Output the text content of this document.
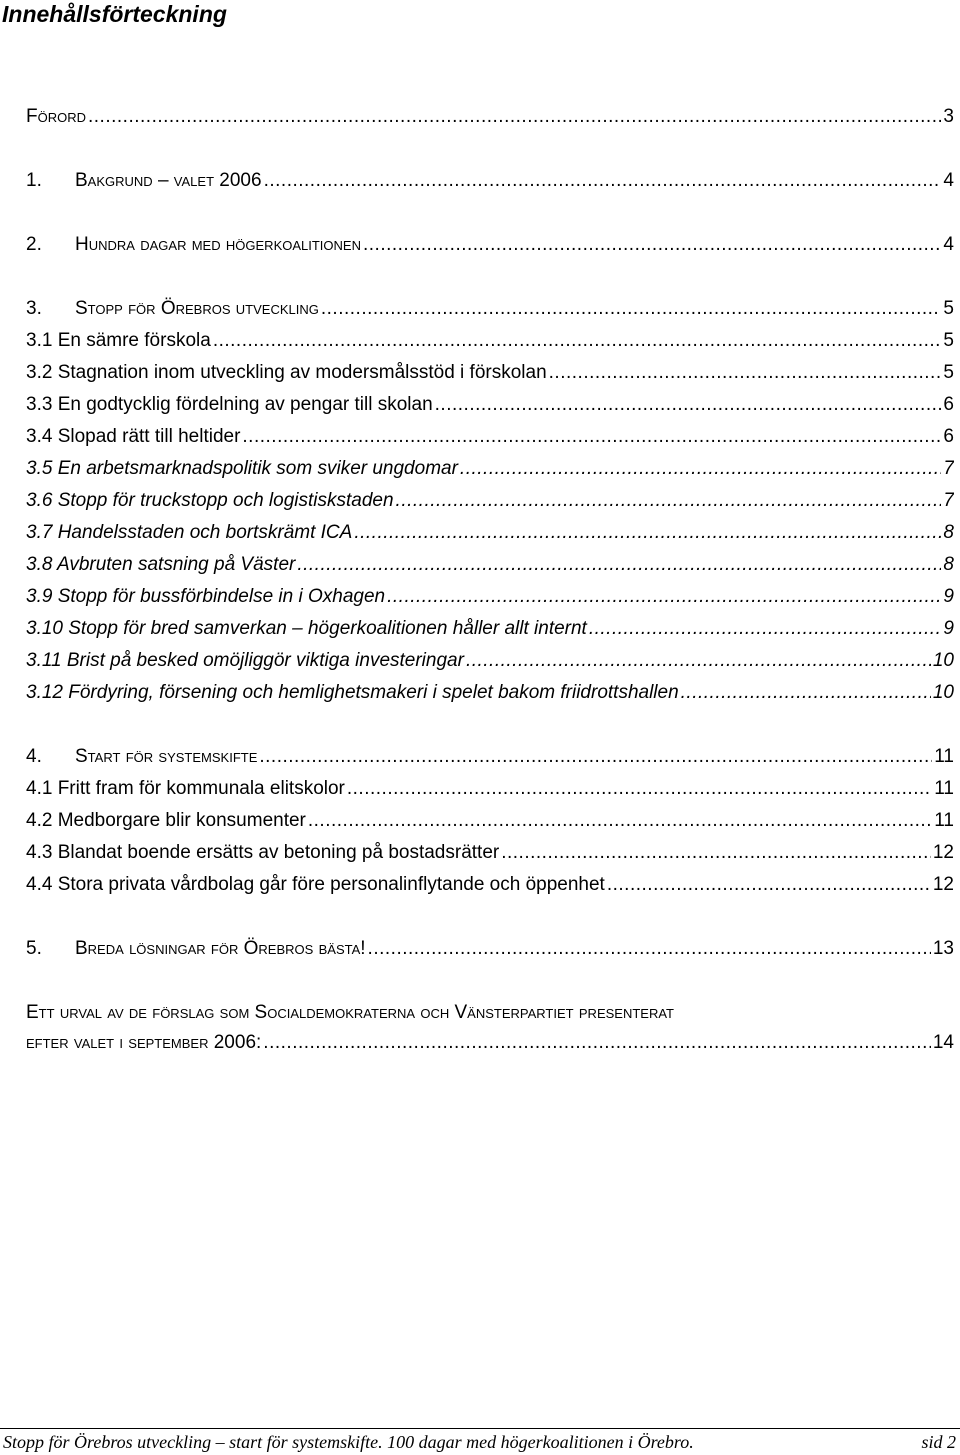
Innehållsförteckning
Förord .....	3
1.	Bakgrund – valet 2006 .....	4
2.	Hundra dagar med högerkoalitionen .....	4
3.	Stopp för Örebros utveckling .....	5
3.1 En sämre förskola .....	5
3.2 Stagnation inom utveckling av modersmålsstöd i förskolan .....	5
3.3 En godtycklig fördelning av pengar till skolan .....	6
3.4 Slopad rätt till heltider .....	6
3.5 En arbetsmarknadspolitik som sviker ungdomar .....	7
3.6 Stopp för truckstopp och logistiskstaden .....	7
3.7 Handelsstaden och bortskrämt ICA .....	8
3.8 Avbruten satsning på Väster .....	8
3.9 Stopp för bussförbindelse in i Oxhagen .....	9
3.10 Stopp för bred samverkan – högerkoalitionen håller allt internt .....	9
3.11 Brist på besked omöjliggör viktiga investeringar .....	10
3.12 Fördyring, försening och hemlighetsmakeri i spelet bakom friidrottshallen .....	10
4.	Start för systemskifte .....	11
4.1 Fritt fram för kommunala elitskolor .....	11
4.2 Medborgare blir konsumenter .....	11
4.3 Blandat boende ersätts av betoning på bostadsrätter .....	12
4.4 Stora privata vårdbolag går före personalinflytande och öppenhet .....	12
5.	Breda lösningar för Örebros bästa! .....	13
Ett urval av de förslag som Socialdemokraterna och Vänsterpartiet presenterat
efter valet i september 2006: .....	14
Stopp för Örebros utveckling – start för systemskifte. 100 dagar med högerkoalitionen i Örebro.	sid 2
